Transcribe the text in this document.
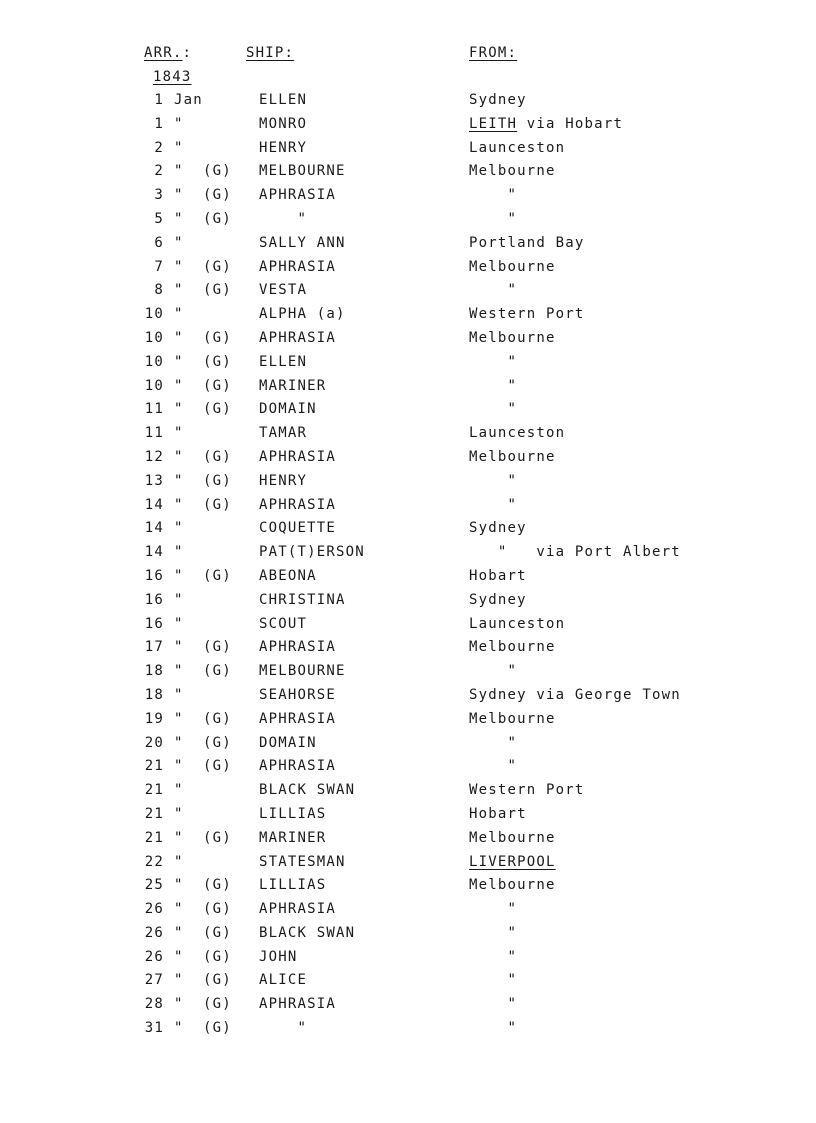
ARR.:	SHIP:	FROM:
1843
1 Jan	ELLEN	Sydney
1 "	MONRO	LEITH via Hobart
2 "	HENRY	Launceston
2 " (G) MELBOURNE	Melbourne
3 " (G) APHRASIA	"
5 " (G) "	"
6 "	SALLY ANN	Portland Bay
7 " (G) APHRASIA	Melbourne
8 " (G) VESTA	"
10 "	ALPHA (a)	Western Port
10 " (G) APHRASIA	Melbourne
10 " (G) ELLEN	"
10 " (G) MARINER	"
11 " (G) DOMAIN	"
11 "	TAMAR	Launceston
12 " (G) APHRASIA	Melbourne
13 " (G) HENRY	"
14 " (G) APHRASIA	"
14 "	COQUETTE	Sydney
14 "	PAT(T)ERSON	"   via Port Albert
16 " (G) ABEONA	Hobart
16 "	CHRISTINA	Sydney
16 "	SCOUT	Launceston
17 " (G) APHRASIA	Melbourne
18 " (G) MELBOURNE	"
18 "	SEAHORSE	Sydney via George Town
19 " (G) APHRASIA	Melbourne
20 " (G) DOMAIN	"
21 " (G) APHRASIA	"
21 "	BLACK SWAN	Western Port
21 "	LILLIAS	Hobart
21 " (G) MARINER	Melbourne
22 "	STATESMAN	LIVERPOOL
25 " (G) LILLIAS	Melbourne
26 " (G) APHRASIA	"
26 " (G) BLACK SWAN	"
26 " (G) JOHN	"
27 " (G) ALICE	"
28 " (G) APHRASIA	"
31 " (G) "	"
